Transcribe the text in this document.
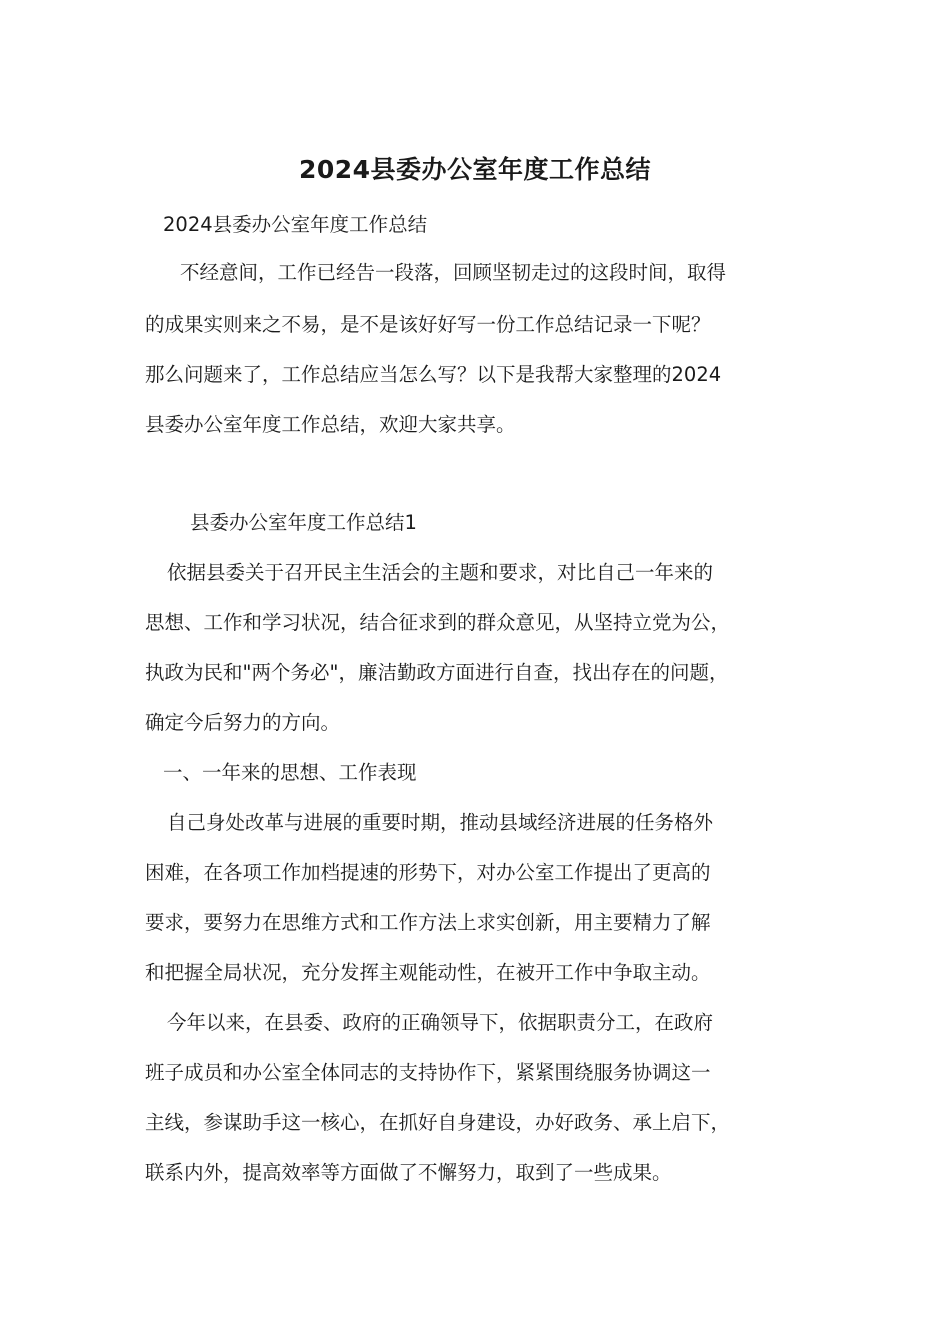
2024县委办公室年度工作总结
2024县委办公室年度工作总结
不经意间，工作已经告一段落，回顾坚韧走过的这段时间，取得
的成果实则来之不易，是不是该好好写一份工作总结记录一下呢？
那么问题来了，工作总结应当怎么写？以下是我帮大家整理的2024
县委办公室年度工作总结，欢迎大家共享。
县委办公室年度工作总结1
依据县委关于召开民主生活会的主题和要求，对比自己一年来的
思想、工作和学习状况，结合征求到的群众意见，从坚持立党为公，
执政为民和"两个务必"，廉洁勤政方面进行自查，找出存在的问题，
确定今后努力的方向。
一、一年来的思想、工作表现
自己身处改革与进展的重要时期，推动县域经济进展的任务格外
困难，在各项工作加档提速的形势下，对办公室工作提出了更高的
要求，要努力在思维方式和工作方法上求实创新，用主要精力了解
和把握全局状况，充分发挥主观能动性，在被开工作中争取主动。
今年以来，在县委、政府的正确领导下，依据职责分工，在政府
班子成员和办公室全体同志的支持协作下，紧紧围绕服务协调这一
主线，参谋助手这一核心，在抓好自身建设，办好政务、承上启下，
联系内外，提高效率等方面做了不懈努力，取到了一些成果。
